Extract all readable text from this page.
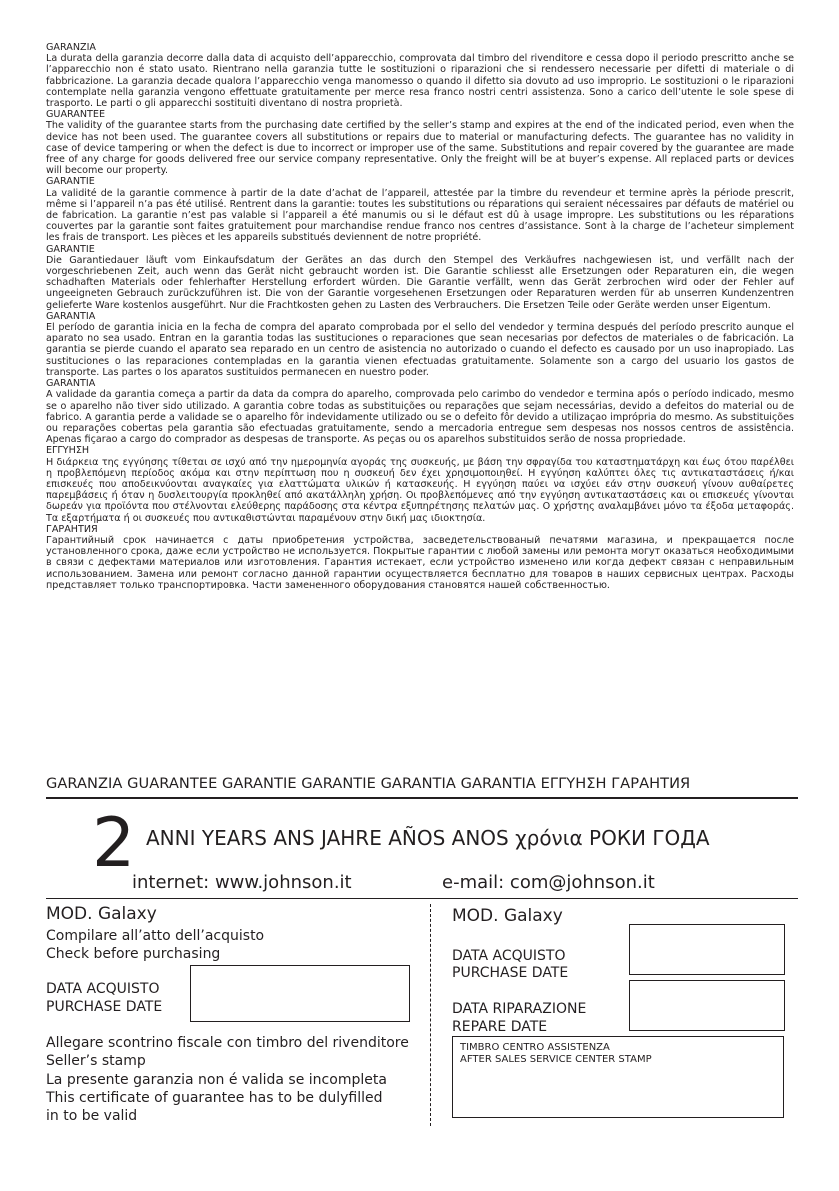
GARANZIA
La durata della garanzia decorre dalla data di acquisto dell’apparecchio, comprovata dal timbro del rivenditore e cessa dopo il periodo prescritto anche se l’apparecchio non é stato usato. Rientrano nella garanzia tutte le sostituzioni o riparazioni che si rendessero necessarie per difetti di materiale o di fabbricazione. La garanzia decade qualora l’apparecchio venga manomesso o quando il difetto sia dovuto ad uso improprio. Le sostituzioni o le riparazioni contemplate nella garanzia vengono effettuate gratuitamente per merce resa franco nostri centri assistenza. Sono a carico dell’utente le sole spese di trasporto. Le parti o gli apparecchi sostituiti diventano di nostra proprietà.
GUARANTEE
The validity of the guarantee starts from the purchasing date certified by the seller’s stamp and expires at the end of the indicated period, even when the device has not been used. The guarantee covers all substitutions or repairs due to material or manufacturing defects. The guarantee has no validity in case of device tampering or when the defect is due to incorrect or improper use of the same. Substitutions and repair covered by the guarantee are made free of any charge for goods delivered free our service company representative. Only the freight will be at buyer’s expense. All replaced parts or devices will become our property.
GARANTIE
La validité de la garantie commence à partir de la date d’achat de l’appareil, attestée par la timbre du revendeur et termine après la période prescrit, même si l’appareil n’a pas été utilisé. Rentrent dans la garantie: toutes les substitutions ou réparations qui seraient nécessaires par défauts de matériel ou de fabrication. La garantie n’est pas valable si l’appareil a été manumis ou si le défaut est dû à usage impropre. Les substitutions ou les réparations couvertes par la garantie sont faites gratuitement pour marchandise rendue franco nos centres d’assistance. Sont à la charge de l’acheteur simplement les frais de transport. Les pièces et les appareils substitués deviennent de notre propriété.
GARANTIE
Die Garantiedauer läuft vom Einkaufsdatum der Gerätes an das durch den Stempel des Verkäufres nachgewiesen ist, und verfällt nach der vorgeschriebenen Zeit, auch wenn das Gerät nicht gebraucht worden ist. Die Garantie schliesst alle Ersetzungen oder Reparaturen ein, die wegen schadhaften Materials oder fehlerhafter Herstellung erfordert würden. Die Garantie verfällt, wenn das Gerät zerbrochen wird oder der Fehler auf ungeeigneten Gebrauch zurückzuführen ist. Die von der Garantie vorgesehenen Ersetzungen oder Reparaturen werden für ab unserren Kundenzentren gelieferte Ware kostenlos ausgeführt. Nur die Frachtkosten gehen zu Lasten des Verbrauchers. Die Ersetzen Teile oder Geräte werden unser Eigentum.
GARANTIA
El período de garantia inicia en la fecha de compra del aparato comprobada por el sello del vendedor y termina después del período prescrito aunque el aparato no sea usado. Entran en la garantia todas las sustituciones o reparaciones que sean necesarias por defectos de materiales o de fabricación. La garantia se pierde cuando el aparato sea reparado en un centro de asistencia no autorizado o cuando el defecto es causado por un uso inapropiado. Las sustituciones o las reparaciones contempladas en la garantia vienen efectuadas gratuitamente. Solamente son a cargo del usuario los gastos de transporte. Las partes o los aparatos sustituidos permanecen en nuestro poder.
GARANTIA
A validade da garantia começa a partir da data da compra do aparelho, comprovada pelo carimbo do vendedor e termina após o período indicado, mesmo se o aparelho não tiver sido utilizado. A garantia cobre todas as substituições ou reparações que sejam necessárias, devido a defeitos do material ou de fabrico. A garantia perde a validade se o aparelho fôr indevidamente utilizado ou se o defeito fôr devido a utilizaçao imprópria do mesmo. As substituições ou reparações cobertas pela garantia são efectuadas gratuitamente, sendo a mercadoria entregue sem despesas nos nossos centros de assistência. Apenas fiçarao a cargo do comprador as despesas de transporte. As peças ou os aparelhos substituidos serão de nossa propriedade.
ΕΓΓΥΗΣΗ
Η διάρκεια της εγγύησης τίθεται σε ισχύ από την ημερομηνία αγοράς της συσκευής, με βάση την σφραγίδα του καταστηματάρχη και έως ότου παρέλθει η προβλεπόμενη περίοδος ακόμα και στην περίπτωση που η συσκευή δεν έχει χρησιμοποιηθεί. Η εγγύηση καλύπτει όλες τις αντικαταστάσεις ή/και επισκευές που αποδεικνύονται αναγκαίες για ελαττώματα υλικών ή κατασκευής. Η εγγύηση παύει να ισχύει εάν στην συσκευή γίνουν αυθαίρετες παρεμβάσεις ή όταν η δυσλειτουργία προκληθεί από ακατάλληλη χρήση. Οι προβλεπόμενες από την εγγύηση αντικαταστάσεις και οι επισκευές γίνονται δωρεάν για προϊόντα που στέλνονται ελεύθερης παράδοσης στα κέντρα εξυπηρέτησης πελατών μας. Ο χρήστης αναλαμβάνει μόνο τα έξοδα μεταφοράς. Τα εξαρτήματα ή οι συσκευές που αντικαθιστώνται παραμένουν στην δική μας ιδιοκτησία.
ГАРАНТИЯ
Гарантийный срок начинается с даты приобретения устройства, засведетельствованый печатями магазина, и прекращается после установленного срока, даже если устройство не используется. Покрытые гарантии с любой замены или ремонта могут оказаться необходимыми в связи с дефектами материалов или изготовления. Гарантия истекает, если устройство изменено или когда дефект связан с неправильным использованием. Замена или ремонт согласно данной гарантии осуществляется бесплатно для товаров в наших сервисных центрах. Расходы представляет только транспортировка. Части замененного оборудования становятся нашей собственностью.
GARANZIA GUARANTEE GARANTIE GARANTIE GARANTIA GARANTIA ΕΓΓΥΗΣΗ ГАРАНТИЯ
2 ANNI YEARS ANS JAHRE AÑOS ANOS χρόνια РОКИ ГОДА
internet: www.johnson.it	e-mail: com@johnson.it
MOD. Galaxy
Compilare all’atto dell’acquisto
Check before purchasing
DATA ACQUISTO
PURCHASE DATE
Allegare scontrino fiscale con timbro del rivenditore
Seller’s stamp
La presente garanzia non é valida se incompleta
This certificate of guarantee has to be dulyfilled
in to be valid
MOD. Galaxy
DATA ACQUISTO
PURCHASE DATE
DATA RIPARAZIONE
REPARE DATE
TIMBRO CENTRO ASSISTENZA
AFTER SALES SERVICE CENTER STAMP
